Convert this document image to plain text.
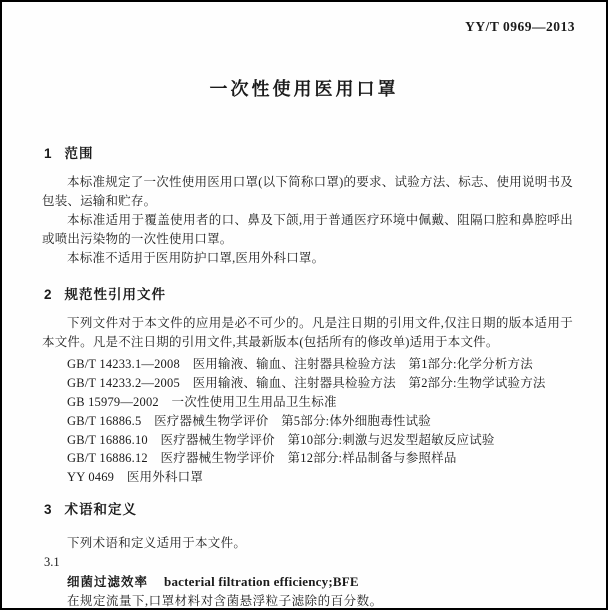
YY/T 0969—2013
一次性使用医用口罩
1 范围

本标准规定了一次性使用医用口罩(以下简称口罩)的要求、试验方法、标志、使用说明书及包装、运输和贮存。

本标准适用于覆盖使用者的口、鼻及下颌,用于普通医疗环境中佩戴、阻隔口腔和鼻腔呼出或喷出污染物的一次性使用口罩。

本标准不适用于医用防护口罩,医用外科口罩。

2 规范性引用文件

下列文件对于本文件的应用是必不可少的。凡是注日期的引用文件,仅注日期的版本适用于本文件。凡是不注日期的引用文件,其最新版本(包括所有的修改单)适用于本文件。

GB/T 14233.1—2008　医用输液、输血、注射器具检验方法　第1部分:化学分析方法
GB/T 14233.2—2005　医用输液、输血、注射器具检验方法　第2部分:生物学试验方法
GB 15979—2002　一次性使用卫生用品卫生标准
GB/T 16886.5　医疗器械生物学评价　第5部分:体外细胞毒性试验
GB/T 16886.10　医疗器械生物学评价　第10部分:刺激与迟发型超敏反应试验
GB/T 16886.12　医疗器械生物学评价　第12部分:样品制备与参照样品
YY 0469　医用外科口罩
3 术语和定义
下列术语和定义适用于本文件。
3.1
细菌过滤效率 bacterial filtration efficiency;BFE
在规定流量下,口罩材料对含菌悬浮粒子滤除的百分数。
